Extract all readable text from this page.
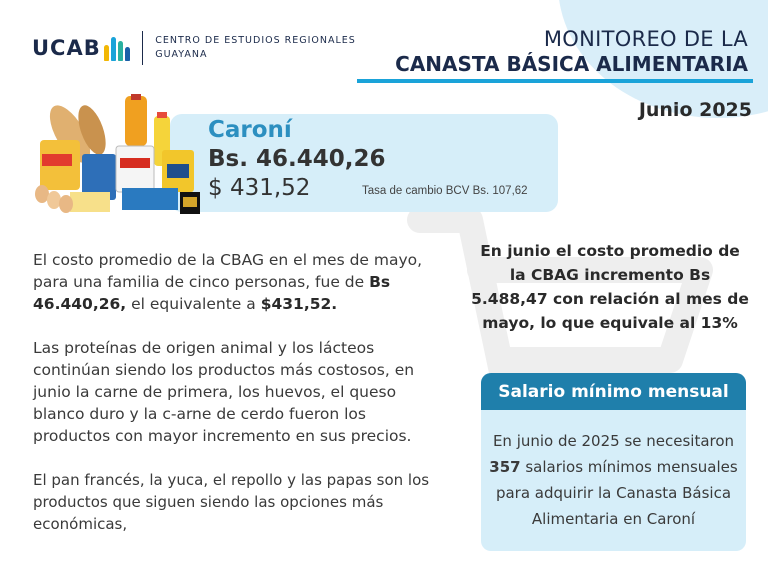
UCAB	CENTRO DE ESTUDIOS REGIONALES
GUAYANA
MONITOREO DE LA
CANASTA BÁSICA ALIMENTARIA
Junio 2025
Caroní
Bs. 46.440,26
$ 431,52	Tasa de cambio BCV Bs. 107,62
El costo promedio de la CBAG en el mes de mayo, para una familia de cinco personas, fue de Bs 46.440,26, el equivalente a $431,52.
Las proteínas de origen animal y los lácteos continúan siendo los productos más costosos, en junio la carne de primera, los huevos, el queso blanco duro y la c-arne de cerdo fueron los productos con mayor incremento en sus precios.
El pan francés, la yuca, el repollo y las papas son los productos que siguen siendo las opciones más económicas,
En junio el costo promedio de la CBAG incremento Bs 5.488,47 con relación al mes de mayo, lo que equivale al 13%
Salario mínimo mensual
En junio de 2025 se necesitaron 357 salarios mínimos mensuales para adquirir la Canasta Básica Alimentaria en Caroní
